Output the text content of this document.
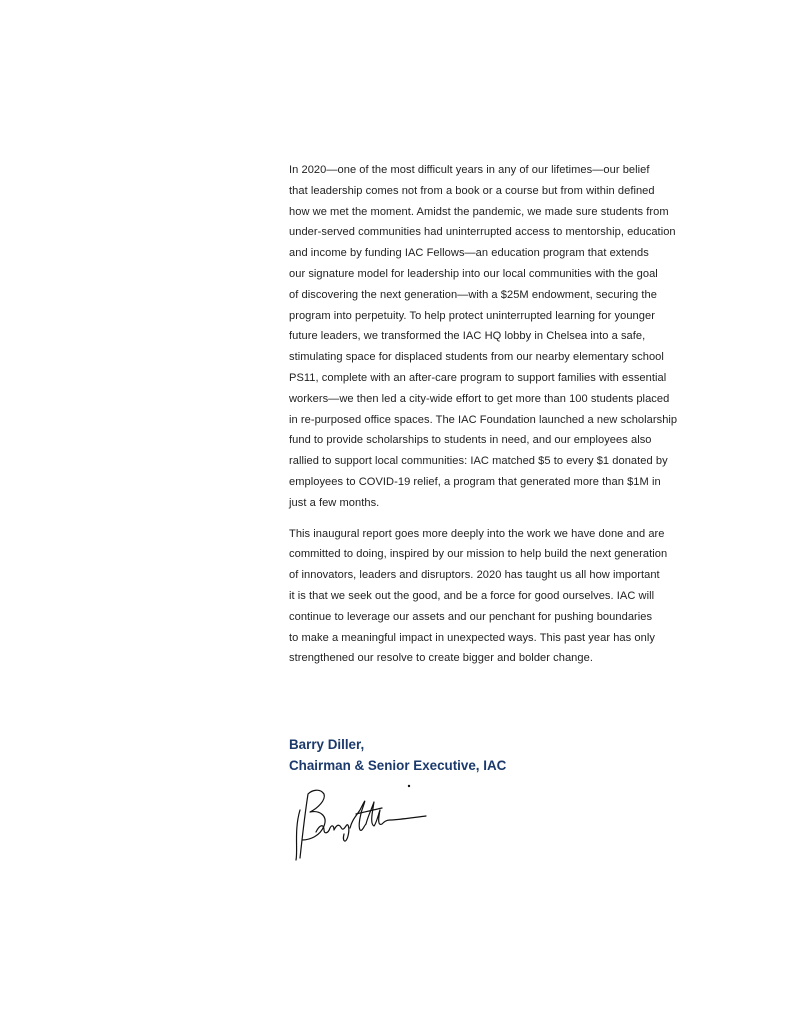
In 2020—one of the most difficult years in any of our lifetimes—our belief
that leadership comes not from a book or a course but from within defined
how we met the moment. Amidst the pandemic, we made sure students from
under-served communities had uninterrupted access to mentorship, education
and income by funding IAC Fellows—an education program that extends
our signature model for leadership into our local communities with the goal
of discovering the next generation—with a $25M endowment, securing the
program into perpetuity. To help protect uninterrupted learning for younger
future leaders, we transformed the IAC HQ lobby in Chelsea into a safe,
stimulating space for displaced students from our nearby elementary school
PS11, complete with an after-care program to support families with essential
workers—we then led a city-wide effort to get more than 100 students placed
in re-purposed office spaces. The IAC Foundation launched a new scholarship
fund to provide scholarships to students in need, and our employees also
rallied to support local communities: IAC matched $5 to every $1 donated by
employees to COVID-19 relief, a program that generated more than $1M in
just a few months.

This inaugural report goes more deeply into the work we have done and are
committed to doing, inspired by our mission to help build the next generation
of innovators, leaders and disruptors. 2020 has taught us all how important
it is that we seek out the good, and be a force for good ourselves. IAC will
continue to leverage our assets and our penchant for pushing boundaries
to make a meaningful impact in unexpected ways. This past year has only
strengthened our resolve to create bigger and bolder change.

Barry Diller,
Chairman & Senior Executive, IAC
